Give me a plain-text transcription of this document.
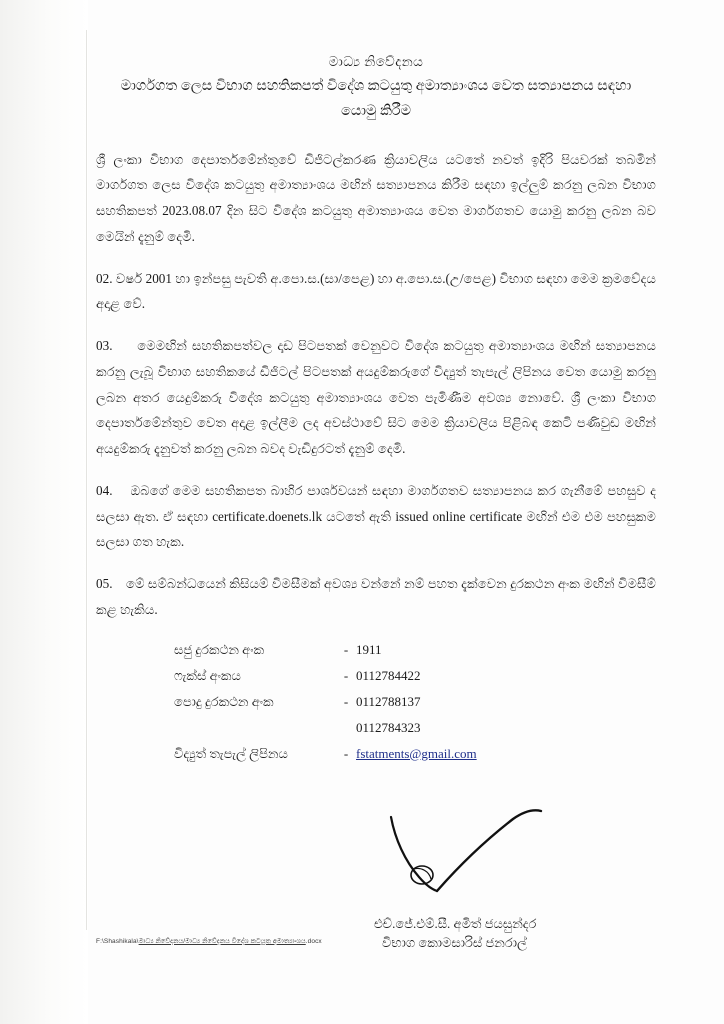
මාධ්‍ය නිවේදනය
මාර්ගගත ලෙස විභාග සහතිකපත් විදේශ කටයුතු අමාත්‍යාංශය වෙත සත්‍යාපනය සඳහා
යොමු කිරීම

ශ්‍රී ලංකා විභාග දෙපාර්තමේන්තුවේ ඩිජිටල්කරණ ක්‍රියාවලිය යටතේ නවත් ඉදිරි පියවරක් තබමින් මාර්ගගත ලෙස විදේශ කටයුතු අමාත්‍යාංශය මඟින් සත්‍යාපනය කිරීම සඳහා ඉල්ලුම් කරනු ලබන විභාග සහතිකපත් 2023.08.07 දින සිට විදේශ කටයුතු අමාත්‍යාංශය වෙත මාර්ගගතව යොමු කරනු ලබන බව මෙයින් දැනුම් දෙමි.

02. වර්ෂ 2001 හා ඉන්පසු පැවති අ.පො.ස.(සා/පෙළ) හා අ.පො.ස.(උ/පෙළ) විභාග සඳහා මෙම ක්‍රමවේදය අදාළ වේ.

03. මෙමඟින් සහතිකපත්වල දෘඩ පිටපතක් වෙනුවට විදේශ කටයුතු අමාත්‍යාංශය මඟින් සත්‍යාපනය කරනු ලැබූ විභාග සහතිකයේ ඩිජිටල් පිටපතක් අයදුම්කරුගේ විද්‍යුත් තැපැල් ලිපිනය වෙත යොමු කරනු ලබන අතර යෙදුම්කරු විදේශ කටයුතු අමාත්‍යාංශය වෙත පැමිණීම අවශ්‍ය නොවේ. ශ්‍රී ලංකා විභාග දෙපාර්තමේන්තුව වෙත අදාළ ඉල්ලීම ලද අවස්ථාවේ සිට මෙම ක්‍රියාවලිය පිළිබඳ කෙටි පණිවුඩ මඟින් අයදුම්කරු දැනුවත් කරනු ලබන බවද වැඩිදුරටත් දැනුම් දෙමි.

04. ඔබගේ මෙම සහතිකපත බාහිර පාර්ශවයන් සඳහා මාර්ගගතව සත්‍යාපනය කර ගැනීමේ පහසුව ද සලසා ඇත. ඒ සඳහා certificate.doenets.lk යටතේ ඇති issued online certificate මඟින් එම එම පහසුකම සලසා ගත හැක.

05. මේ සම්බන්ධයෙන් කිසියම් විමසීමක් අවශ්‍ය වන්නේ නම් පහත දැක්වෙන දුරකථන අංක මඟින් විමසීම් කළ හැකිය.

සජු දුරකථන අංක	-	1911
ෆැක්ස් අංකය	-	0112784422
පොදු දුරකථන අංක	-	0112788137
		0112784323
විද්‍යුත් තැපැල් ලිපිනය	-	fstatments@gmail.com
එච්.ජේ.එම්.සී. අමිත් ජයසුන්දර
විභාග කොමසාරිස් ජනරාල්
F:\Shashikala\මාධ්‍ය නිවේදනය/මාධ්‍ය නිවේදනය විදේශ කටයුතු අමාත්‍යාංශය.docx
